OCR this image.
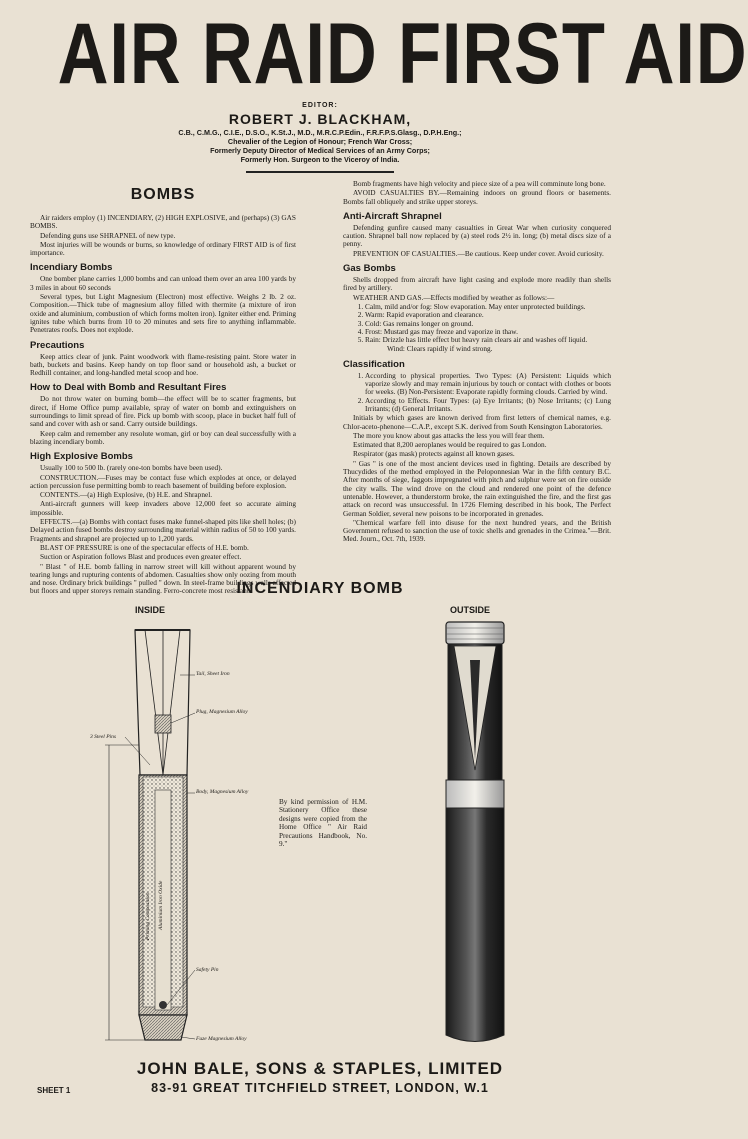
AIR RAID FIRST AID
EDITOR:
ROBERT J. BLACKHAM,
C.B., C.M.G., C.I.E., D.S.O., K.St.J., M.D., M.R.C.P.Edin., F.R.F.P.S.Glasg., D.P.H.Eng.;
Chevalier of the Legion of Honour; French War Cross;
Formerly Deputy Director of Medical Services of an Army Corps;
Formerly Hon. Surgeon to the Viceroy of India.
BOMBS

Air raiders employ (1) INCENDIARY, (2) HIGH EXPLOSIVE, and (perhaps) (3) GAS BOMBS.

Defending guns use SHRAPNEL of new type.

Most injuries will be wounds or burns, so knowledge of ordinary FIRST AID is of first importance.

Incendiary Bombs

One bomber plane carries 1,000 bombs and can unload them over an area 100 yards by 3 miles in about 60 seconds

Several types, but Light Magnesium (Electron) most effective. Weighs 2 lb. 2 oz. Composition.—Thick tube of magnesium alloy filled with thermite (a mixture of iron oxide and aluminium, combustion of which forms molten iron). Igniter either end. Priming ignites tube which burns from 10 to 20 minutes and sets fire to anything inflammable. Penetrates roofs. Does not explode.

Precautions

Keep attics clear of junk. Paint woodwork with flame-resisting paint. Store water in bath, buckets and basins. Keep handy on top floor sand or household ash, a bucket or Redhill container, and long-handled metal scoop and hoe.

How to Deal with Bomb and Resultant Fires

Do not throw water on burning bomb—the effect will be to scatter fragments, but direct, if Home Office pump available, spray of water on bomb and extinguishers on surroundings to limit spread of fire. Pick up bomb with scoop, place in bucket half full of sand and cover with ash or sand. Carry outside buildings.

Keep calm and remember any resolute woman, girl or boy can deal successfully with a blazing incendiary bomb.

High Explosive Bombs

Usually 100 to 500 lb. (rarely one-ton bombs have been used).

CONSTRUCTION.—Fuses may be contact fuse which explodes at once, or delayed action percussion fuse permitting bomb to reach basement of building before explosion.

CONTENTS.—(a) High Explosive, (b) H.E. and Shrapnel.

Anti-aircraft gunners will keep invaders above 12,000 feet so accurate aiming impossible.

EFFECTS.—(a) Bombs with contact fuses make funnel-shaped pits like shell holes; (b) Delayed action fused bombs destroy surrounding material within radius of 50 to 100 yards. Fragments and shrapnel are projected up to 1,200 yards.

BLAST OF PRESSURE is one of the spectacular effects of H.E. bomb.

Suction or Aspiration follows Blast and produces even greater effect.

" Blast " of H.E. bomb falling in narrow street will kill without apparent wound by tearing lungs and rupturing contents of abdomen. Casualties show only oozing from mouth and nose. Ordinary brick buildings " pulled " down. In steel-frame buildings walls affected but floors and upper storeys remain standing. Ferro-concrete most resistant.

Bomb fragments have high velocity and piece size of a pea will comminute long bone.

AVOID CASUALTIES BY.—Remaining indoors on ground floors or basements. Bombs fall obliquely and strike upper storeys.

Anti-Aircraft Shrapnel

Defending gunfire caused many casualties in Great War when curiosity conquered caution. Shrapnel ball now replaced by (a) steel rods 2½ in. long; (b) metal discs size of a penny.

PREVENTION OF CASUALTIES.—Be cautious. Keep under cover. Avoid curiosity.

Gas Bombs

Shells dropped from aircraft have light casing and explode more readily than shells fired by artillery.

WEATHER AND GAS.—Effects modified by weather as follows:—

1. Calm, mild and/or fog: Slow evaporation. May enter unprotected buildings.
2. Warm: Rapid evaporation and clearance.
3. Cold: Gas remains longer on ground.
4. Frost: Mustard gas may freeze and vaporize in thaw.
5. Rain: Drizzle has little effect but heavy rain clears air and washes off liquid.

Wind: Clears rapidly if wind strong.

Classification
1. According to physical properties. Two Types: (A) Persistent: Liquids which vaporize slowly and may remain injurious by touch or contact with clothes or boots for weeks. (B) Non-Persistent: Evaporate rapidly forming clouds. Carried by wind.
2. According to Effects. Four Types: (a) Eye Irritants; (b) Nose Irritants; (c) Lung Irritants; (d) General Irritants.

Initials by which gases are known derived from first letters of chemical names, e.g. Chlor-aceto-phenone—C.A.P., except S.K. derived from South Kensington Laboratories.

The more you know about gas attacks the less you will fear them.

Estimated that 8,200 aeroplanes would be required to gas London.

Respirator (gas mask) protects against all known gases.

" Gas " is one of the most ancient devices used in fighting. Details are described by Thucydides of the method employed in the Peloponnesian War in the fifth century B.C. After months of siege, faggots impregnated with pitch and sulphur were set on fire outside the city walls. The wind drove on the cloud and rendered one point of the defence untenable. However, a thunderstorm broke, the rain extinguished the fire, and the first gas attack on record was unsuccessful. In 1726 Fleming described in his book, The Perfect German Soldier, several new poisons to be incorporated in grenades.

"Chemical warfare fell into disuse for the next hundred years, and the British Government refused to sanction the use of toxic shells and grenades in the Crimea."—Brit. Med. Journ., Oct. 7th, 1939.

INCENDIARY BOMB
INSIDE	OUTSIDE
Tail, Sheet Iron
Plug, Magnesium Alloy
3 Steel Pins
Body, Magnesium Alloy
Priming Composition Aluminium Iron Oxide
Safety Pin
Fuze Magnesium Alloy
By kind permission of H.M. Stationery Office these designs were copied from the Home Office " Air Raid Precautions Handbook, No. 9."
JOHN BALE, SONS & STAPLES, LIMITED
83-91 GREAT TITCHFIELD STREET, LONDON, W.1
SHEET 1
